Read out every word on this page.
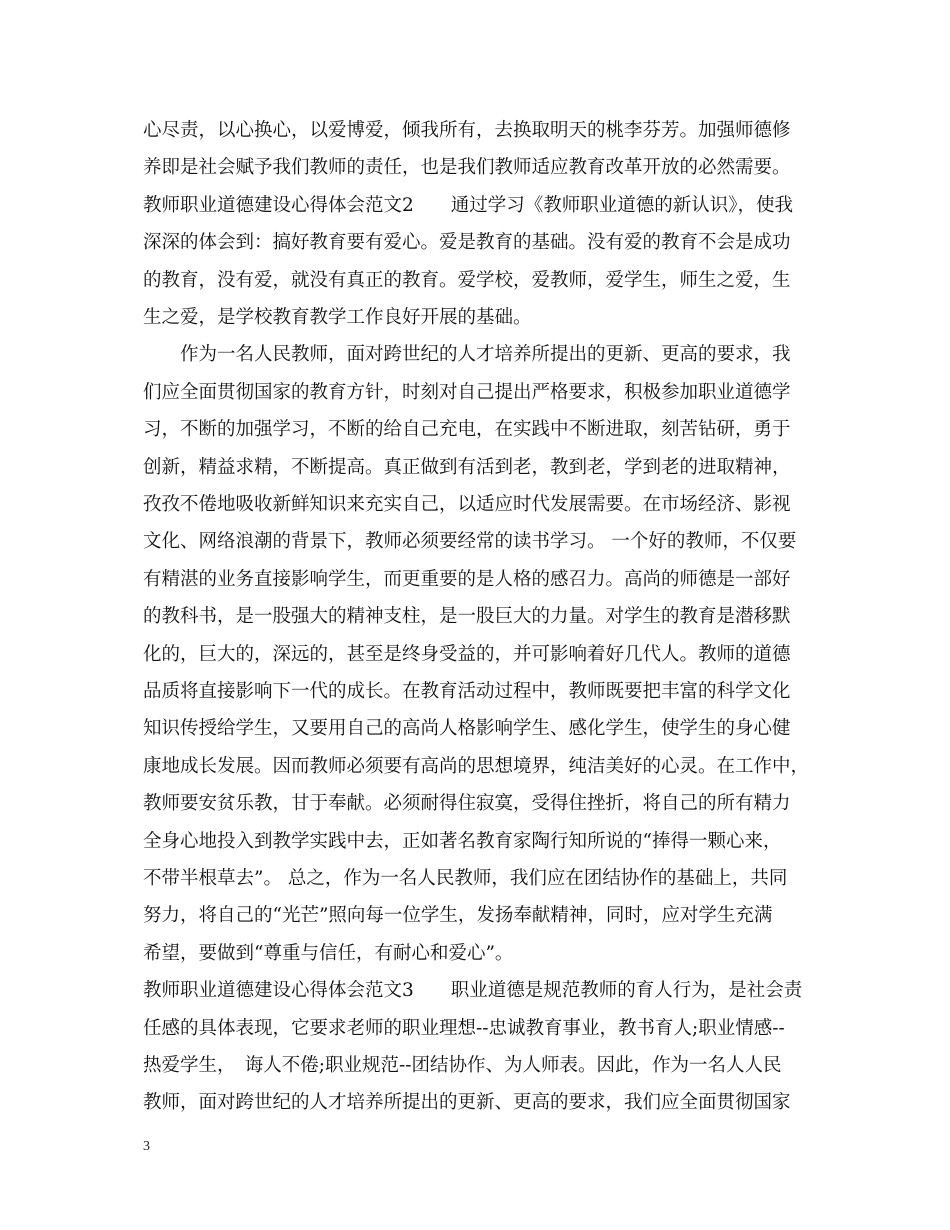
心尽责，以心换心，以爱博爱，倾我所有，去换取明天的桃李芬芳。加强师德修
养即是社会赋予我们教师的责任，也是我们教师适应教育改革开放的必然需要。
教师职业道德建设心得体会范文2　　通过学习《教师职业道德的新认识》，使我
深深的体会到：搞好教育要有爱心。爱是教育的基础。没有爱的教育不会是成功
的教育，没有爱，就没有真正的教育。爱学校，爱教师，爱学生，师生之爱，生
生之爱，是学校教育教学工作良好开展的基础。
　　作为一名人民教师，面对跨世纪的人才培养所提出的更新、更高的要求，我
们应全面贯彻国家的教育方针，时刻对自己提出严格要求，积极参加职业道德学
习，不断的加强学习，不断的给自己充电，在实践中不断进取，刻苦钻研，勇于
创新，精益求精，不断提高。真正做到有活到老，教到老，学到老的进取精神，
孜孜不倦地吸收新鲜知识来充实自己，以适应时代发展需要。在市场经济、影视
文化、网络浪潮的背景下，教师必须要经常的读书学习。 一个好的教师，不仅要
有精湛的业务直接影响学生，而更重要的是人格的感召力。高尚的师德是一部好
的教科书，是一股强大的精神支柱，是一股巨大的力量。对学生的教育是潜移默
化的，巨大的，深远的，甚至是终身受益的，并可影响着好几代人。教师的道德
品质将直接影响下一代的成长。在教育活动过程中，教师既要把丰富的科学文化
知识传授给学生，又要用自己的高尚人格影响学生、感化学生，使学生的身心健
康地成长发展。因而教师必须要有高尚的思想境界，纯洁美好的心灵。在工作中，
教师要安贫乐教，甘于奉献。必须耐得住寂寞，受得住挫折，将自己的所有精力
全身心地投入到教学实践中去，正如著名教育家陶行知所说的“捧得一颗心来，
不带半根草去”。 总之，作为一名人民教师，我们应在团结协作的基础上，共同
努力，将自己的“光芒”照向每一位学生，发扬奉献精神，同时，应对学生充满
希望，要做到“尊重与信任，有耐心和爱心”。
教师职业道德建设心得体会范文3　　职业道德是规范教师的育人行为，是社会责
任感的具体表现，它要求老师的职业理想--忠诚教育事业，教书育人;职业情感--
热爱学生，　诲人不倦;职业规范--团结协作、为人师表。因此，作为一名人人民
教师，面对跨世纪的人才培养所提出的更新、更高的要求，我们应全面贯彻国家
3
